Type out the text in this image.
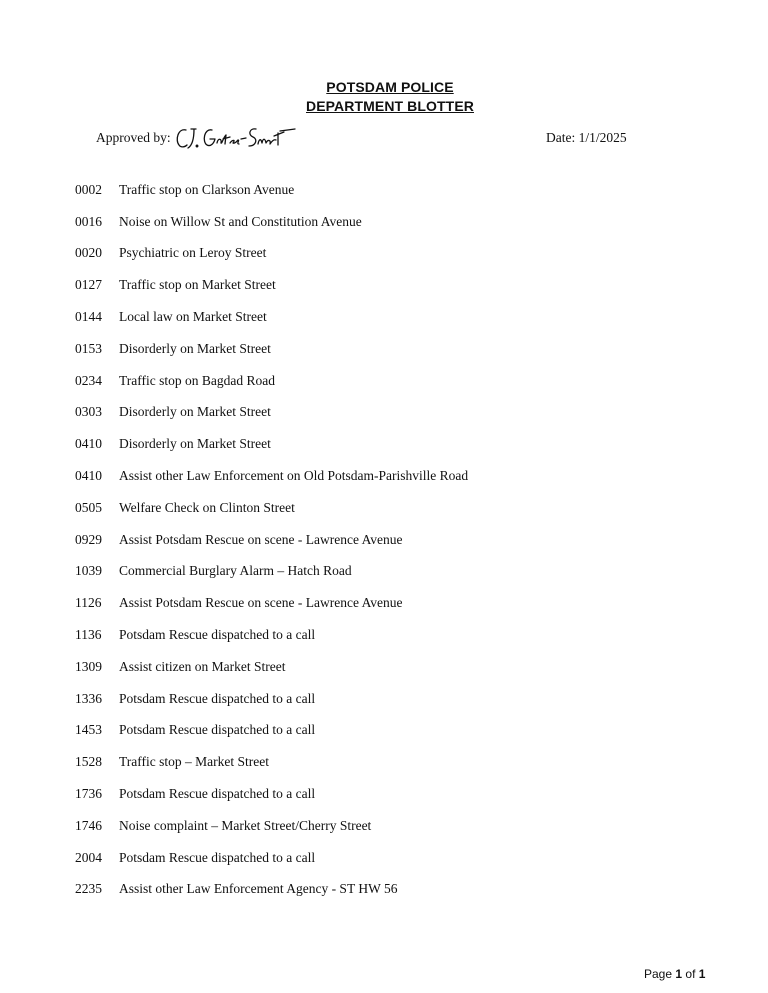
POTSDAM POLICE
DEPARTMENT BLOTTER
Approved by:	Date: 1/1/2025
0002	Traffic stop on Clarkson Avenue
0016	Noise on Willow St and Constitution Avenue
0020	Psychiatric on Leroy Street
0127	Traffic stop on Market Street
0144	Local law on Market Street
0153	Disorderly on Market Street
0234	Traffic stop on Bagdad Road
0303	Disorderly on Market Street
0410	Disorderly on Market Street
0410	Assist other Law Enforcement on Old Potsdam-Parishville Road
0505	Welfare Check on Clinton Street
0929	Assist Potsdam Rescue on scene - Lawrence Avenue
1039	Commercial Burglary Alarm – Hatch Road
1126	Assist Potsdam Rescue on scene - Lawrence Avenue
1136	Potsdam Rescue dispatched to a call
1309	Assist citizen on Market Street
1336	Potsdam Rescue dispatched to a call
1453	Potsdam Rescue dispatched to a call
1528	Traffic stop – Market Street
1736	Potsdam Rescue dispatched to a call
1746	Noise complaint – Market Street/Cherry Street
2004	Potsdam Rescue dispatched to a call
2235	Assist other Law Enforcement Agency - ST HW 56
Page 1 of 1
